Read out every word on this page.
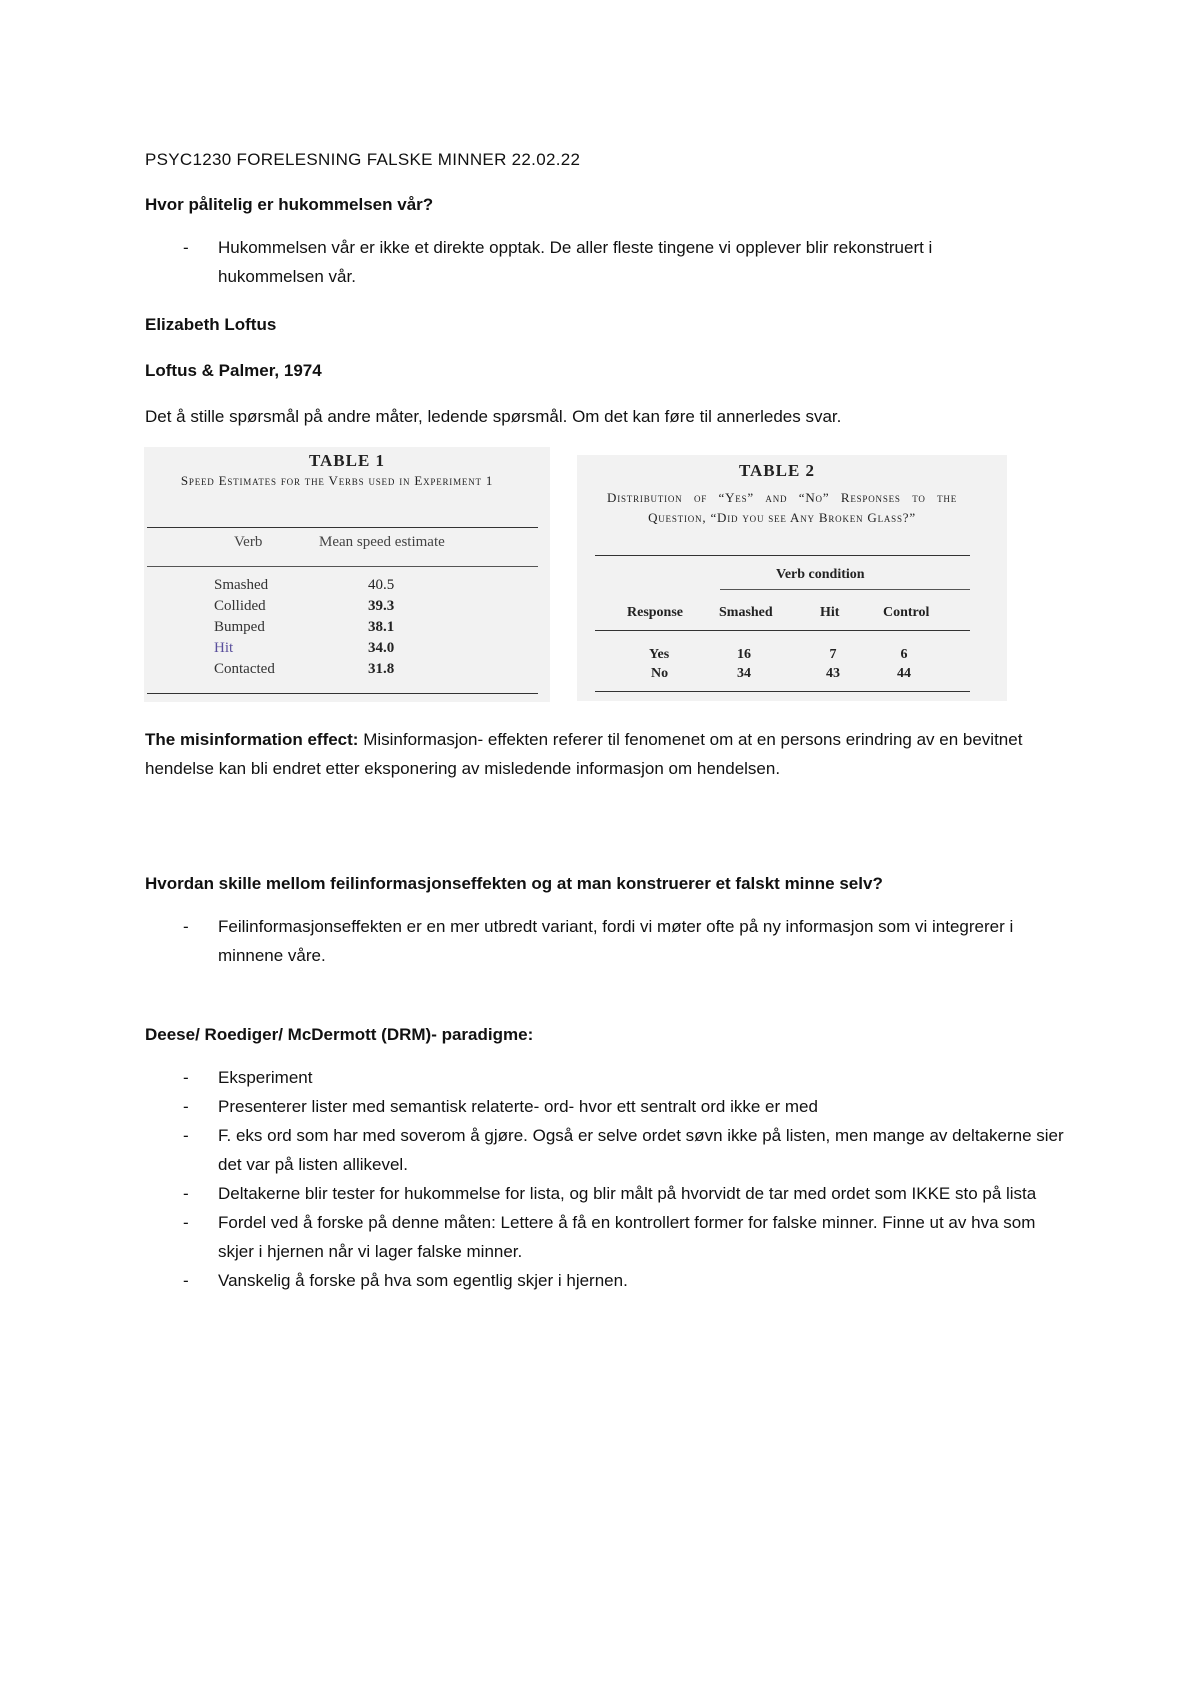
PSYC1230 FORELESNING FALSKE MINNER 22.02.22
Hvor pålitelig er hukommelsen vår?
- Hukommelsen vår er ikke et direkte opptak. De aller fleste tingene vi opplever blir rekonstruert i hukommelsen vår.
Elizabeth Loftus
Loftus & Palmer, 1974
Det å stille spørsmål på andre måter, ledende spørsmål. Om det kan føre til annerledes svar.
TABLE 1
Speed Estimates for the Verbs used in Experiment 1
Verb	Mean speed estimate
Smashed	40.5
Collided	39.3
Bumped	38.1
Hit	34.0
Contacted	31.8
TABLE 2
Distribution of “Yes” and “No” Responses to the Question, “Did you see Any Broken Glass?”
Verb condition
Response	Smashed	Hit	Control
Yes	16	7	6
No	34	43	44
The misinformation effect: Misinformasjon- effekten referer til fenomenet om at en persons erindring av en bevitnet hendelse kan bli endret etter eksponering av misledende informasjon om hendelsen.
Hvordan skille mellom feilinformasjonseffekten og at man konstruerer et falskt minne selv?
- Feilinformasjonseffekten er en mer utbredt variant, fordi vi møter ofte på ny informasjon som vi integrerer i minnene våre.
Deese/ Roediger/ McDermott (DRM)- paradigme:
- Eksperiment
- Presenterer lister med semantisk relaterte- ord- hvor ett sentralt ord ikke er med
- F. eks ord som har med soverom å gjøre. Også er selve ordet søvn ikke på listen, men mange av deltakerne sier det var på listen allikevel.
- Deltakerne blir tester for hukommelse for lista, og blir målt på hvorvidt de tar med ordet som IKKE sto på lista
- Fordel ved å forske på denne måten: Lettere å få en kontrollert former for falske minner. Finne ut av hva som skjer i hjernen når vi lager falske minner.
- Vanskelig å forske på hva som egentlig skjer i hjernen.
